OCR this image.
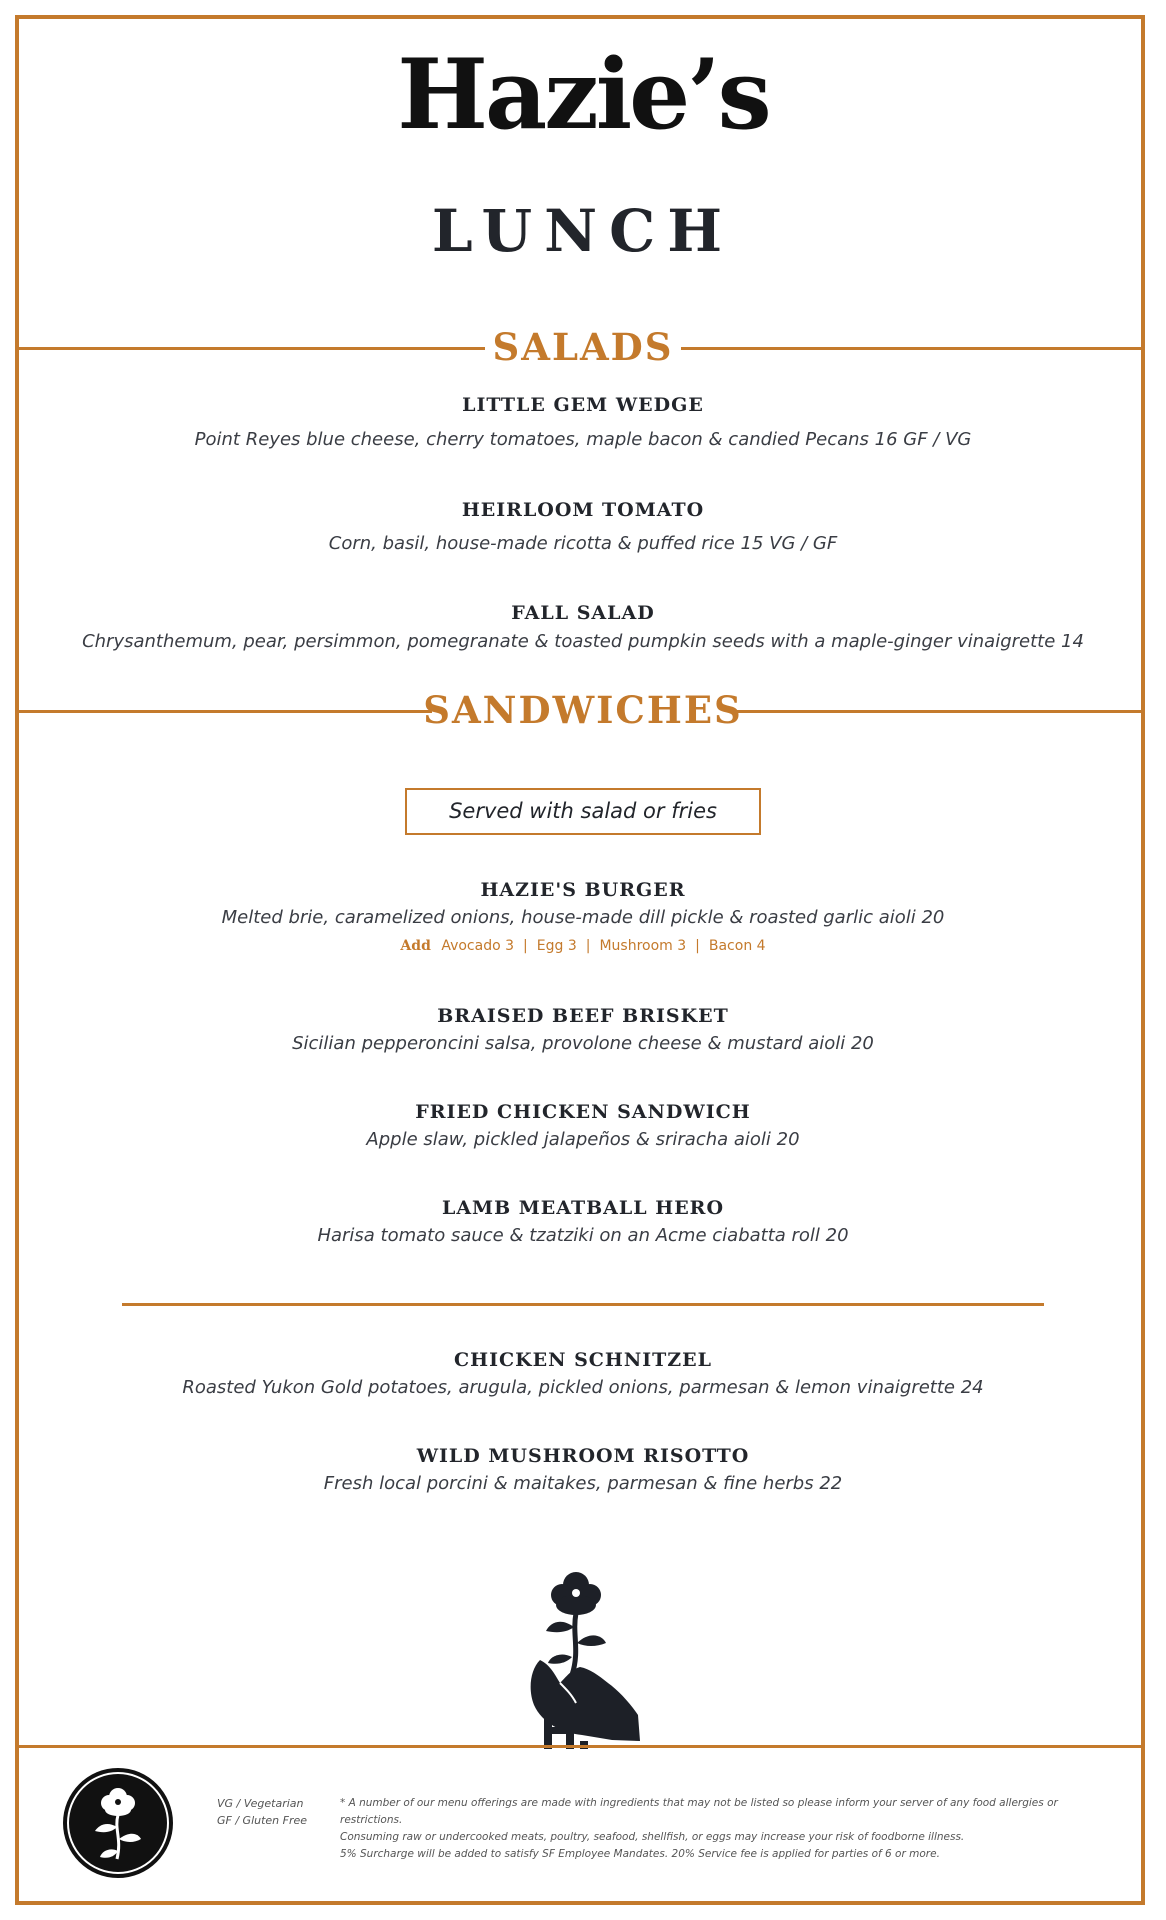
Hazie’s
LUNCH
SALADS
LITTLE GEM WEDGE
Point Reyes blue cheese, cherry tomatoes, maple bacon & candied Pecans 16 GF / VG
HEIRLOOM TOMATO
Corn, basil, house-made ricotta & puffed rice 15 VG / GF
FALL SALAD
Chrysanthemum, pear, persimmon, pomegranate & toasted pumpkin seeds with a maple-ginger vinaigrette 14
SANDWICHES
Served with salad or fries
HAZIE'S BURGER
Melted brie, caramelized onions, house-made dill pickle & roasted garlic aioli 20
Add Avocado 3 | Egg 3 | Mushroom 3 | Bacon 4
BRAISED BEEF BRISKET
Sicilian pepperoncini salsa, provolone cheese & mustard aioli 20
FRIED CHICKEN SANDWICH
Apple slaw, pickled jalapeños & sriracha aioli 20
LAMB MEATBALL HERO
Harisa tomato sauce & tzatziki on an Acme ciabatta roll 20
CHICKEN SCHNITZEL
Roasted Yukon Gold potatoes, arugula, pickled onions, parmesan & lemon vinaigrette 24
WILD MUSHROOM RISOTTO
Fresh local porcini & maitakes, parmesan & fine herbs 22
VG / Vegetarian
GF / Gluten Free
* A number of our menu offerings are made with ingredients that may not be listed so please inform your server of any food allergies or restrictions.
Consuming raw or undercooked meats, poultry, seafood, shellfish, or eggs may increase your risk of foodborne illness.
5% Surcharge will be added to satisfy SF Employee Mandates. 20% Service fee is applied for parties of 6 or more.
